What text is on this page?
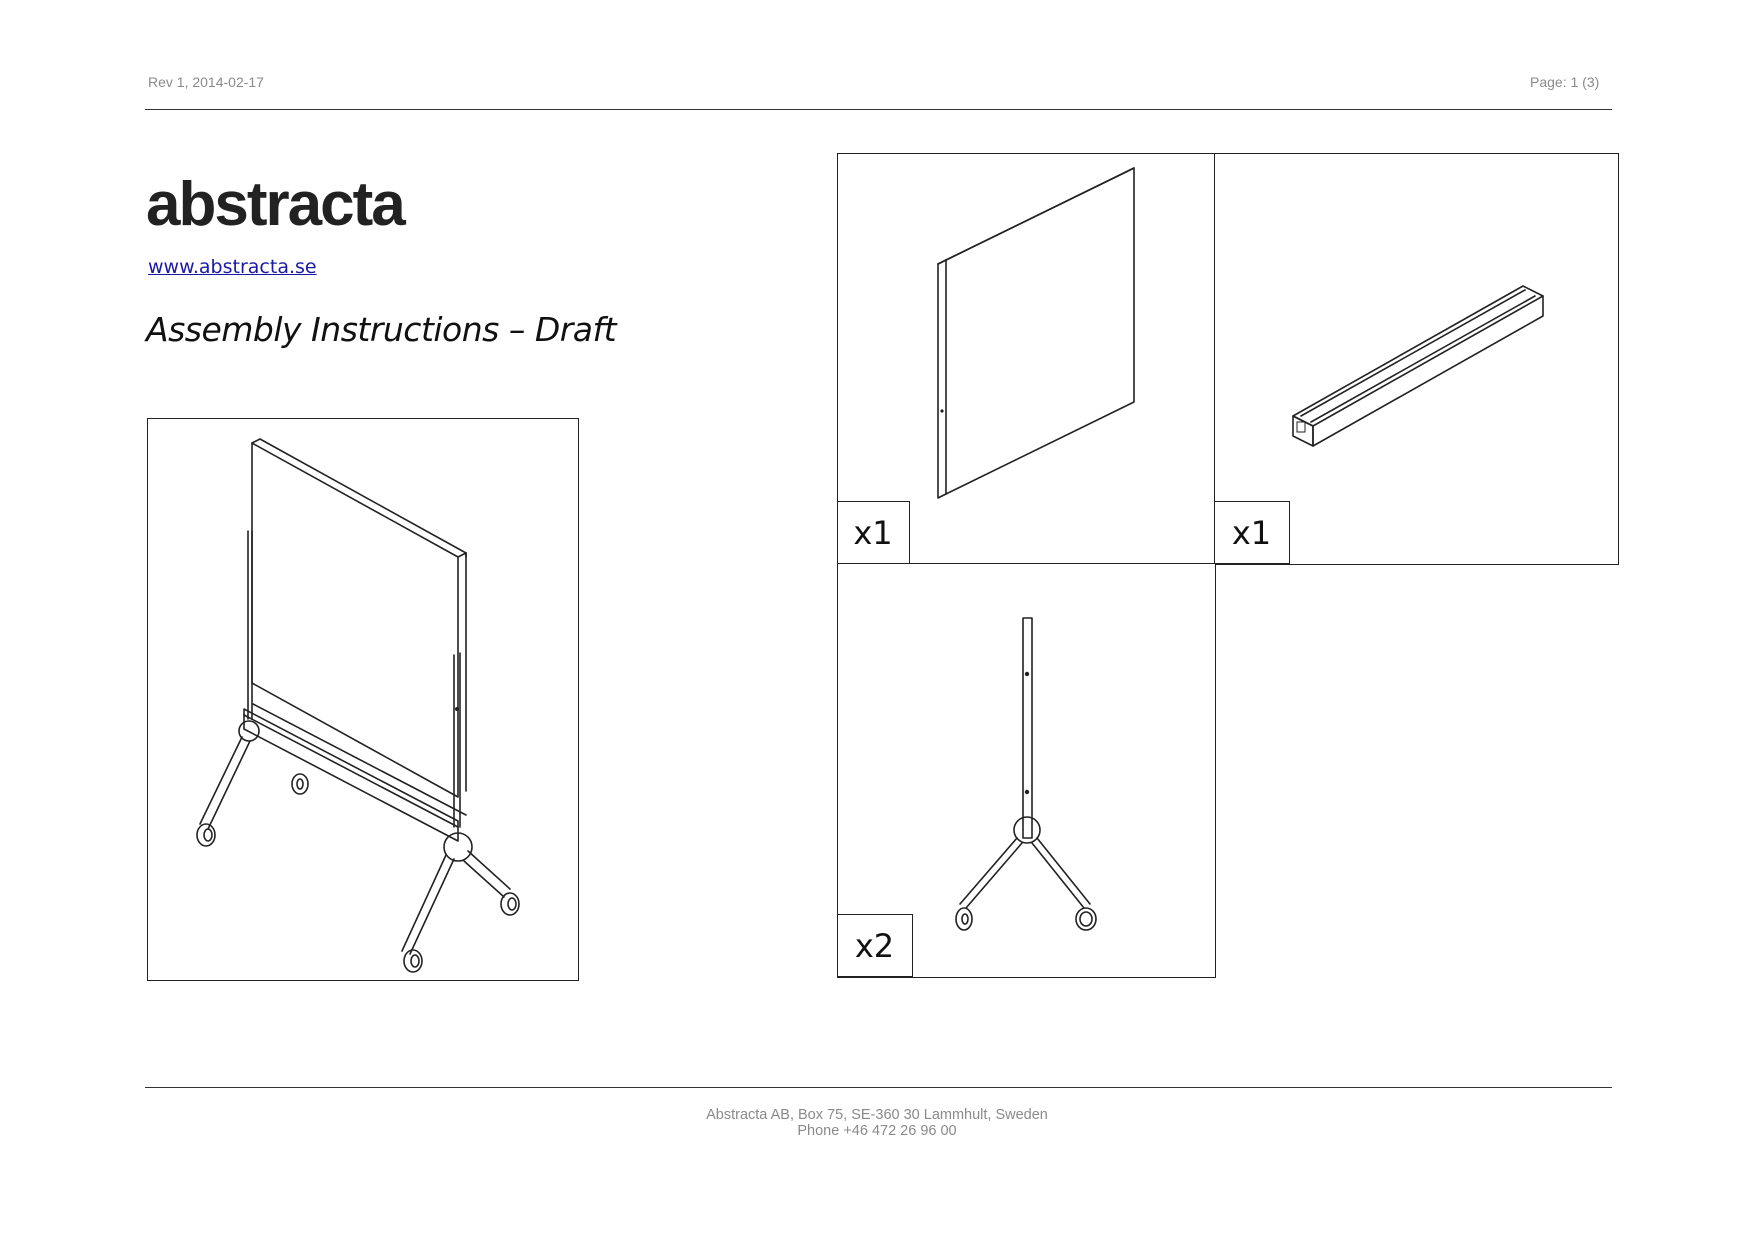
Rev 1, 2014-02-17	Page: 1 (3)
abstracta
www.abstracta.se
Assembly Instructions – Draft
x1	x1
x2
Abstracta AB, Box 75, SE-360 30 Lammhult, Sweden
Phone +46 472 26 96 00
